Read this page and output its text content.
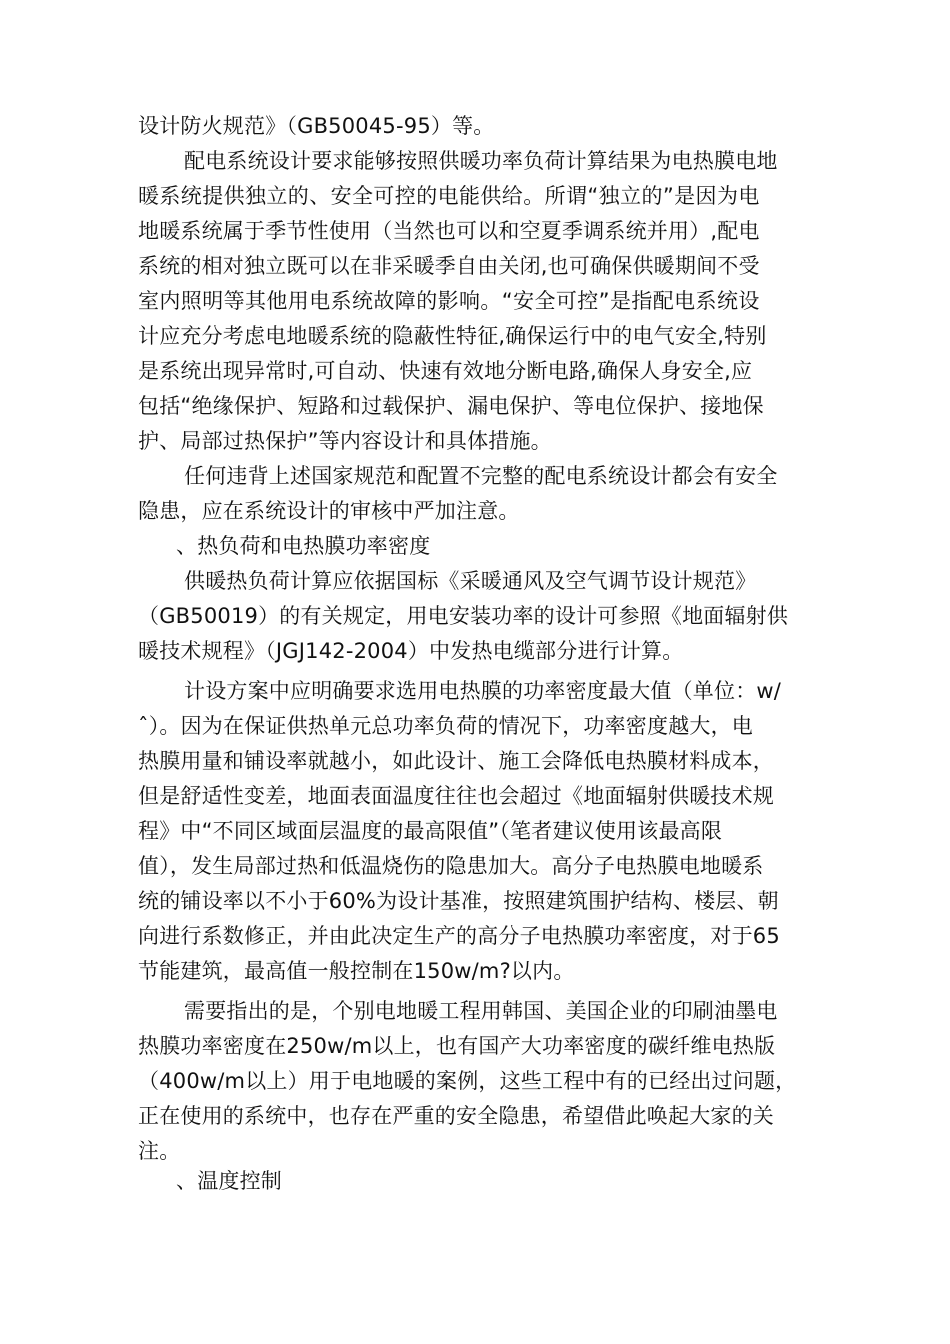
设计防火规范》（GB50045-95）等。
配电系统设计要求能够按照供暖功率负荷计算结果为电热膜电地
暖系统提供独立的、安全可控的电能供给。所谓“独立的”是因为电
地暖系统属于季节性使用（当然也可以和空夏季调系统并用）,配电
系统的相对独立既可以在非采暖季自由关闭,也可确保供暖期间不受
室内照明等其他用电系统故障的影响。“安全可控”是指配电系统设
计应充分考虑电地暖系统的隐蔽性特征,确保运行中的电气安全,特别
是系统出现异常时,可自动、快速有效地分断电路,确保人身安全,应
包括“绝缘保护、短路和过载保护、漏电保护、等电位保护、接地保
护、局部过热保护”等内容设计和具体措施。
任何违背上述国家规范和配置不完整的配电系统设计都会有安全
隐患，应在系统设计的审核中严加注意。
、热负荷和电热膜功率密度
供暖热负荷计算应依据国标《采暖通风及空气调节设计规范》
（GB50019）的有关规定，用电安装功率的设计可参照《地面辐射供
暖技术规程》（JGJ142-2004）中发热电缆部分进行计算。
计设方案中应明确要求选用电热膜的功率密度最大值（单位：w/
ˆ）。因为在保证供热单元总功率负荷的情况下，功率密度越大，电
热膜用量和铺设率就越小，如此设计、施工会降低电热膜材料成本，
但是舒适性变差，地面表面温度往往也会超过《地面辐射供暖技术规
程》中“不同区域面层温度的最高限值”（笔者建议使用该最高限
值），发生局部过热和低温烧伤的隐患加大。高分子电热膜电地暖系
统的铺设率以不小于60%为设计基准，按照建筑围护结构、楼层、朝
向进行系数修正，并由此决定生产的高分子电热膜功率密度，对于65
节能建筑，最高值一般控制在150w/m?以内。
需要指出的是，个别电地暖工程用韩国、美国企业的印刷油墨电
热膜功率密度在250w/m以上，也有国产大功率密度的碳纤维电热版
（400w/m以上）用于电地暖的案例，这些工程中有的已经出过问题，
正在使用的系统中，也存在严重的安全隐患，希望借此唤起大家的关
注。
、温度控制
